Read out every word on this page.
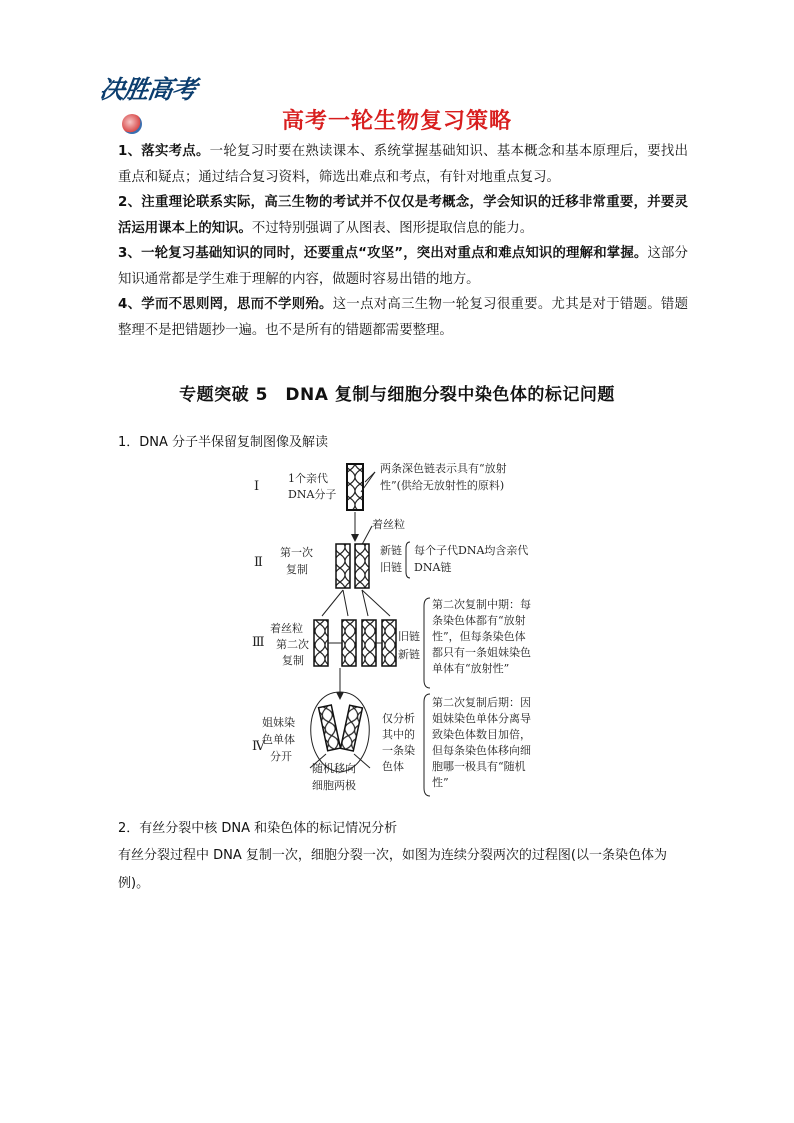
决胜高考
高考一轮生物复习策略

1、落实考点。一轮复习时要在熟读课本、系统掌握基础知识、基本概念和基本原理后，要找出重点和疑点；通过结合复习资料，筛选出难点和考点，有针对地重点复习。

2、注重理论联系实际，高三生物的考试并不仅仅是考概念，学会知识的迁移非常重要，并要灵活运用课本上的知识。不过特别强调了从图表、图形提取信息的能力。

3、一轮复习基础知识的同时，还要重点“攻坚”，突出对重点和难点知识的理解和掌握。这部分知识通常都是学生难于理解的内容，做题时容易出错的地方。

4、学而不思则罔，思而不学则殆。这一点对高三生物一轮复习很重要。尤其是对于错题。错题整理不是把错题抄一遍。也不是所有的错题都需要整理。

专题突破 5　DNA 复制与细胞分裂中染色体的标记问题
1．DNA 分子半保留复制图像及解读
Ⅰ
Ⅱ
Ⅲ
Ⅳ
1个亲代
DNA分子
两条深色链表示具有“放射
性”(供给无放射性的原料)
着丝粒
第一次
复制
新链
旧链
每个子代DNA均含亲代
DNA链
着丝粒
第二次
复制
旧链
新链
第二次复制中期：每
条染色体都有“放射
性”，但每条染色体
都只有一条姐妹染色
单体有“放射性”
姐妹染
色单体
分开
随机移向
细胞两极
仅分析
其中的
一条染
色体
第二次复制后期：因
姐妹染色单体分离导
致染色体数目加倍，
但每条染色体移向细
胞哪一极具有“随机
性”
2．有丝分裂中核 DNA 和染色体的标记情况分析
有丝分裂过程中 DNA 复制一次，细胞分裂一次，如图为连续分裂两次的过程图(以一条染色体为例)。
